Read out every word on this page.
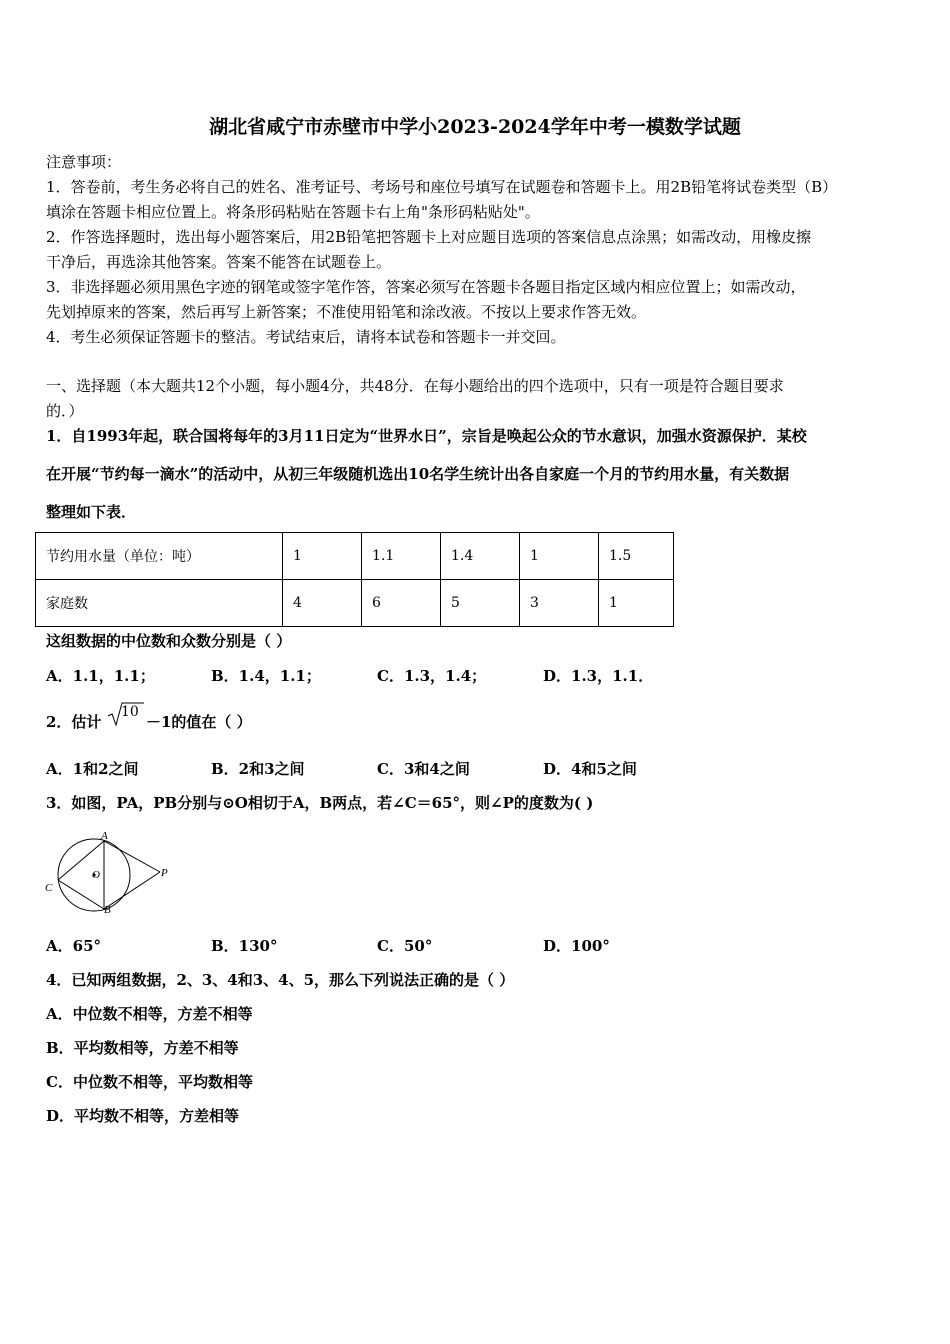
湖北省咸宁市赤壁市中学小2023-2024学年中考一模数学试题
注意事项：
1．答卷前，考生务必将自己的姓名、准考证号、考场号和座位号填写在试题卷和答题卡上。用2B铅笔将试卷类型（B）
填涂在答题卡相应位置上。将条形码粘贴在答题卡右上角"条形码粘贴处"。
2．作答选择题时，选出每小题答案后，用2B铅笔把答题卡上对应题目选项的答案信息点涂黑；如需改动，用橡皮擦
干净后，再选涂其他答案。答案不能答在试题卷上。
3．非选择题必须用黑色字迹的钢笔或签字笔作答，答案必须写在答题卡各题目指定区域内相应位置上；如需改动，
先划掉原来的答案，然后再写上新答案；不准使用铅笔和涂改液。不按以上要求作答无效。
4．考生必须保证答题卡的整洁。考试结束后，请将本试卷和答题卡一并交回。
一、选择题（本大题共12个小题，每小题4分，共48分．在每小题给出的四个选项中，只有一项是符合题目要求
的．）
1．自1993年起，联合国将每年的3月11日定为“世界水日”，宗旨是唤起公众的节水意识，加强水资源保护．某校
在开展“节约每一滴水”的活动中，从初三年级随机选出10名学生统计出各自家庭一个月的节约用水量，有关数据
整理如下表．
节约用水量（单位：吨）	1	1.1	1.4	1	1.5
家庭数	4	6	5	3	1
这组数据的中位数和众数分别是（ ）
A．1.1，1.1；	B．1.4，1.1；	C．1.3，1.4；	D．1.3，1.1．
2．估计
10
－1的值在（ ）
A．1和2之间	B．2和3之间	C．3和4之间	D．4和5之间
3．如图，PA，PB分别与⊙O相切于A，B两点，若∠C＝65°，则∠P的度数为( )
A
B
C
O	P
A．65°	B．130°	C．50°	D．100°
4．已知两组数据，2、3、4和3、4、5，那么下列说法正确的是（ ）
A．中位数不相等，方差不相等
B．平均数相等，方差不相等
C．中位数不相等，平均数相等
D．平均数不相等，方差相等
